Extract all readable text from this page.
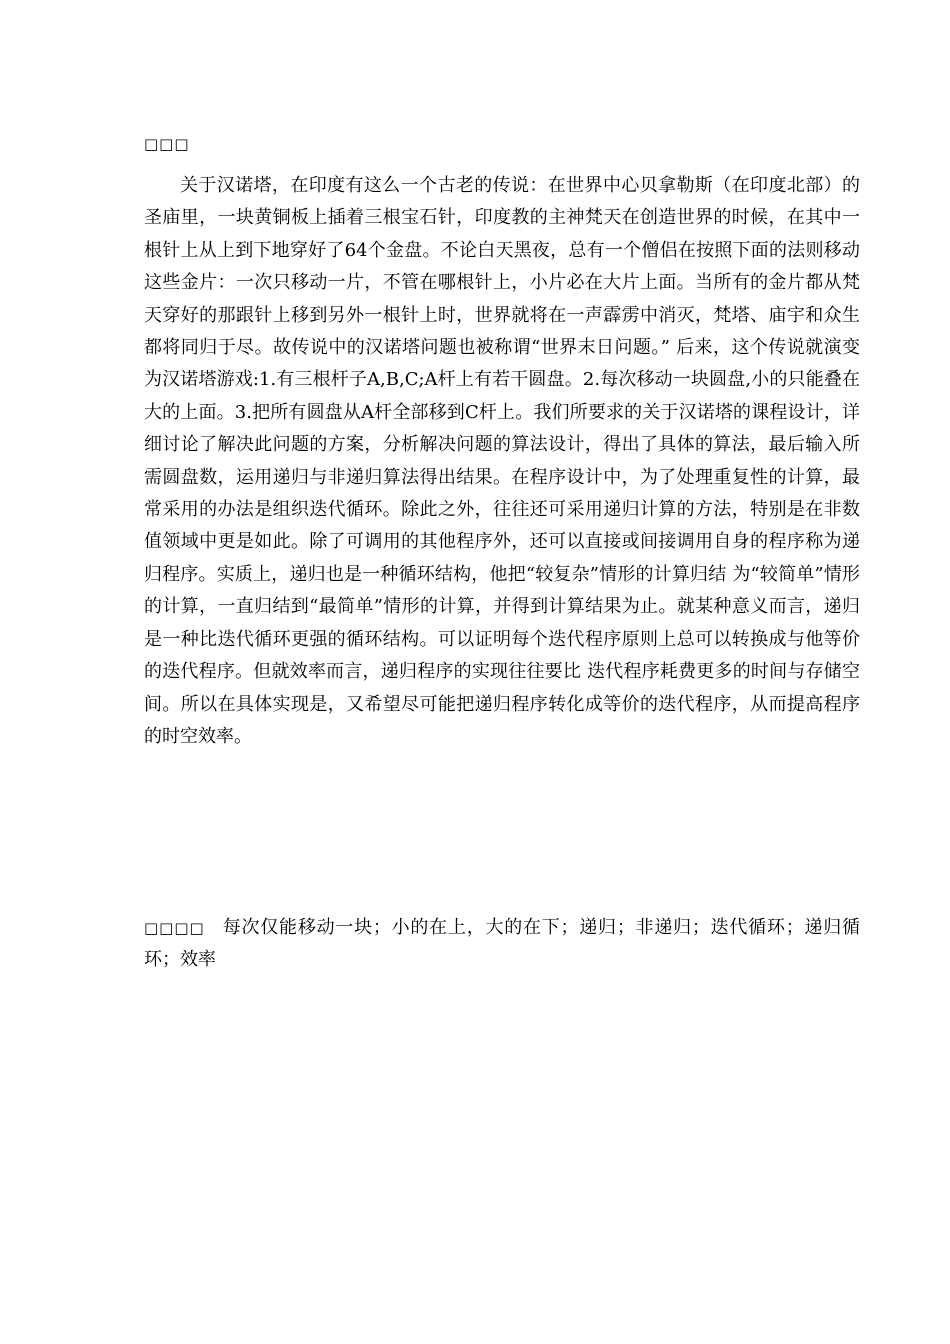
□□□

关于汉诺塔，在印度有这么一个古老的传说：在世界中心贝拿勒斯（在印度北部）的圣庙里，一块黄铜板上插着三根宝石针，印度教的主神梵天在创造世界的时候，在其中一根针上从上到下地穿好了64个金盘。不论白天黑夜，总有一个僧侣在按照下面的法则移动这些金片：一次只移动一片，不管在哪根针上，小片必在大片上面。当所有的金片都从梵天穿好的那跟针上移到另外一根针上时，世界就将在一声霹雳中消灭，梵塔、庙宇和众生都将同归于尽。故传说中的汉诺塔问题也被称谓“世界末日问题。” 后来，这个传说就演变为汉诺塔游戏:1.有三根杆子A,B,C;A杆上有若干圆盘。2.每次移动一块圆盘,小的只能叠在大的上面。3.把所有圆盘从A杆全部移到C杆上。我们所要求的关于汉诺塔的课程设计，详细讨论了解决此问题的方案，分析解决问题的算法设计，得出了具体的算法，最后输入所需圆盘数，运用递归与非递归算法得出结果。在程序设计中，为了处理重复性的计算，最常采用的办法是组织迭代循环。除此之外，往往还可采用递归计算的方法，特别是在非数值领域中更是如此。除了可调用的其他程序外，还可以直接或间接调用自身的程序称为递归程序。实质上，递归也是一种循环结构，他把“较复杂”情形的计算归结 为“较简单”情形的计算，一直归结到“最简单”情形的计算，并得到计算结果为止。就某种意义而言，递归是一种比迭代循环更强的循环结构。可以证明每个迭代程序原则上总可以转换成与他等价的迭代程序。但就效率而言，递归程序的实现往往要比 迭代程序耗费更多的时间与存储空间。所以在具体实现是，又希望尽可能把递归程序转化成等价的迭代程序，从而提高程序的时空效率。

□□□□ 每次仅能移动一块；小的在上，大的在下；递归；非递归；迭代循环；递归循环；效率
